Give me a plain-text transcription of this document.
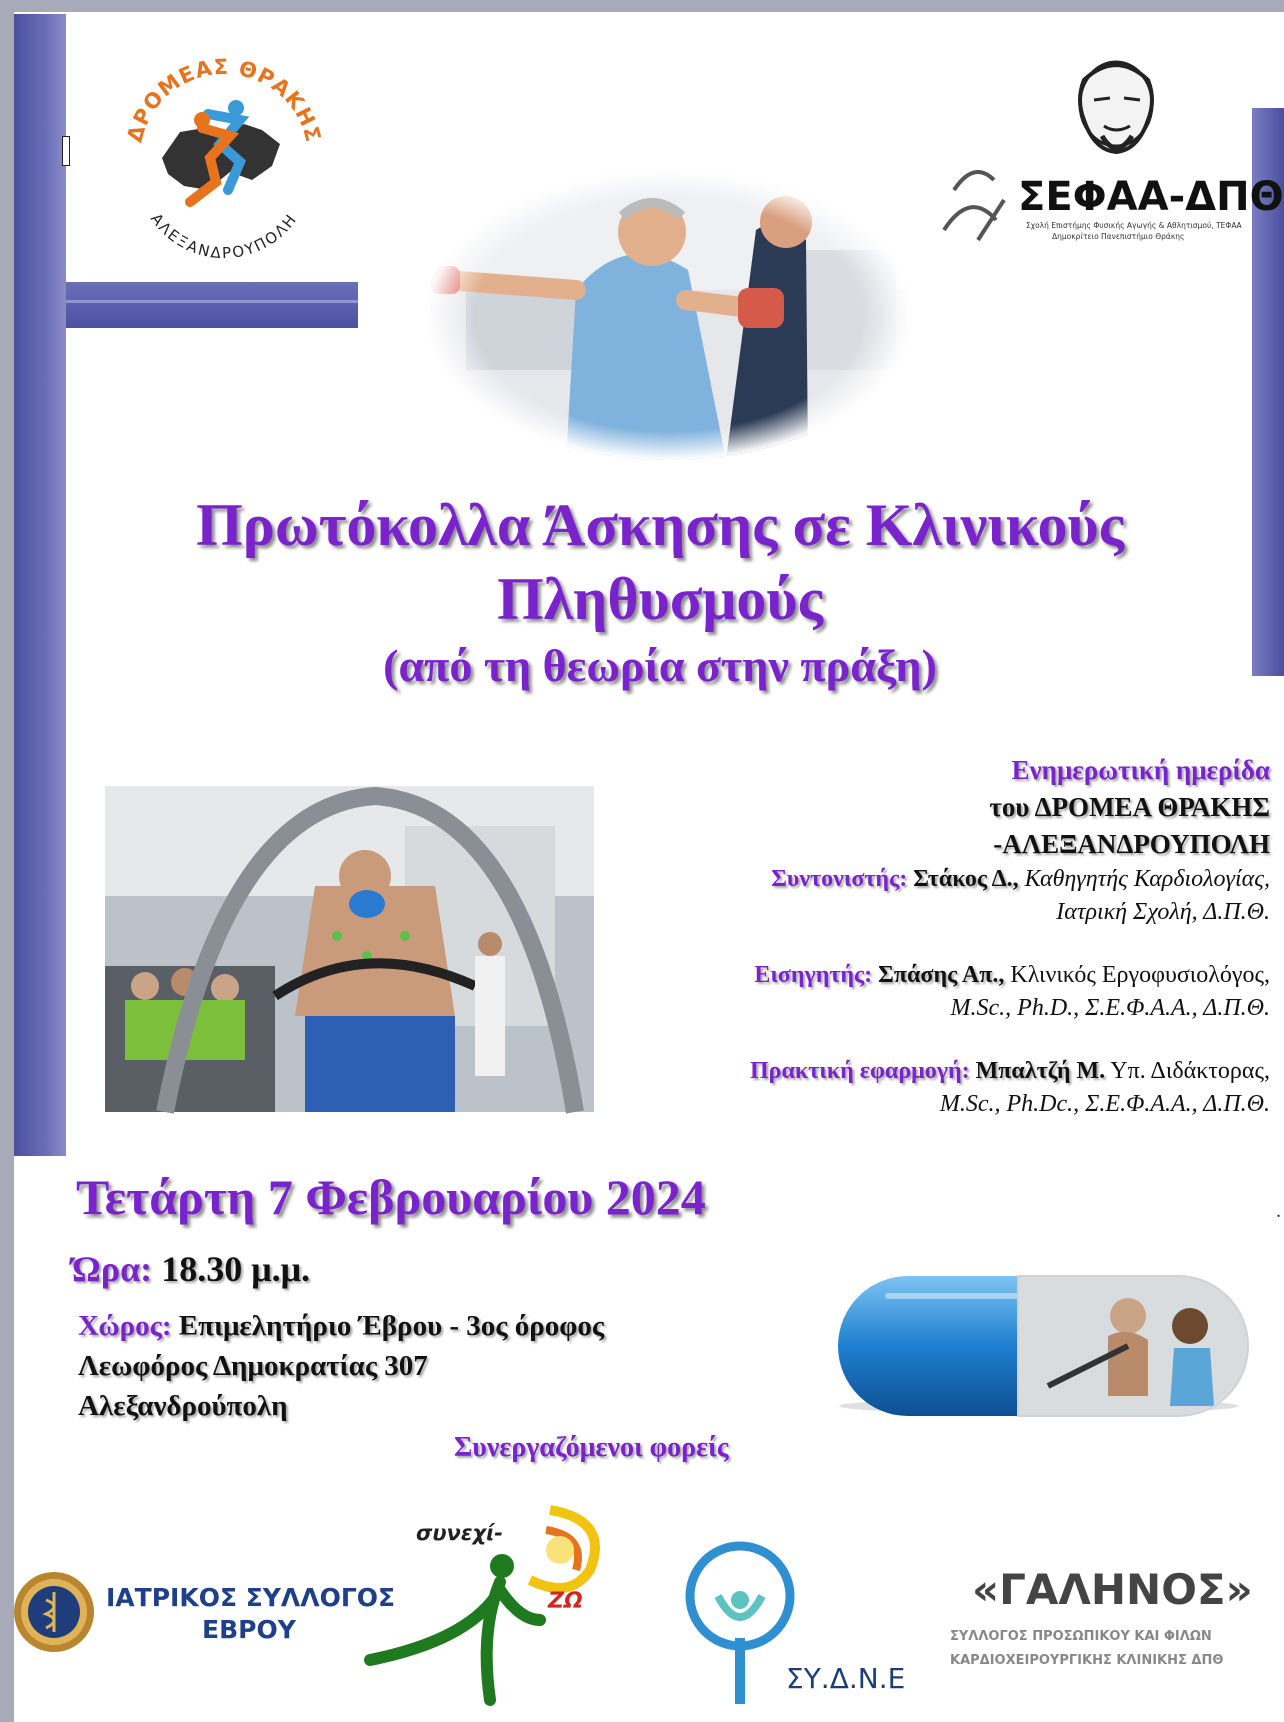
ΔΡΟΜΕΑΣ ΘΡΑΚΗΣ
ΑΛΕΞΑΝΔΡΟΥΠΟΛΗ
ΣΕΦΑΑ-ΔΠΘ
Σχολή Επιστήμης Φυσικής Αγωγής & Αθλητισμού, ΤΕΦΑΑ
Δημοκρίτειο Πανεπιστήμιο Θράκης
Πρωτόκολλα Άσκησης σε Κλινικούς
Πληθυσμούς
(από τη θεωρία στην πράξη)
Ενημερωτική ημερίδα
του ΔΡΟΜΕΑ ΘΡΑΚΗΣ
-ΑΛΕΞΑΝΔΡΟΥΠΟΛΗ
Συντονιστής: Στάκος Δ., Καθηγητής Καρδιολογίας,
Ιατρική Σχολή, Δ.Π.Θ.
Εισηγητής: Σπάσης Απ., Κλινικός Εργοφυσιολόγος,
M.Sc., Ph.D., Σ.Ε.Φ.Α.Α., Δ.Π.Θ.
Πρακτική εφαρμογή: Μπαλτζή Μ. Υπ. Διδάκτορας,
M.Sc., Ph.Dc., Σ.Ε.Φ.Α.Α., Δ.Π.Θ.
Τετάρτη 7 Φεβρουαρίου 2024	.
Ώρα: 18.30 μ.μ.
Χώρος: Επιμελητήριο Έβρου - 3ος όροφος
Λεωφόρος Δημοκρατίας 307
Αλεξανδρούπολη
Συνεργαζόμενοι φορείς
ΙΑΤΡΙΚΟΣ ΣΥΛΛΟΓΟΣ
ΕΒΡΟΥ
συνεχί-
ΖΩ
ΣΥ.Δ.Ν.Ε
«ΓΑΛΗΝΟΣ»
ΣΥΛΛΟΓΟΣ ΠΡΟΣΩΠΙΚΟΥ ΚΑΙ ΦΙΛΩΝ
ΚΑΡΔΙΟΧΕΙΡΟΥΡΓΙΚΗΣ ΚΛΙΝΙΚΗΣ ΔΠΘ
